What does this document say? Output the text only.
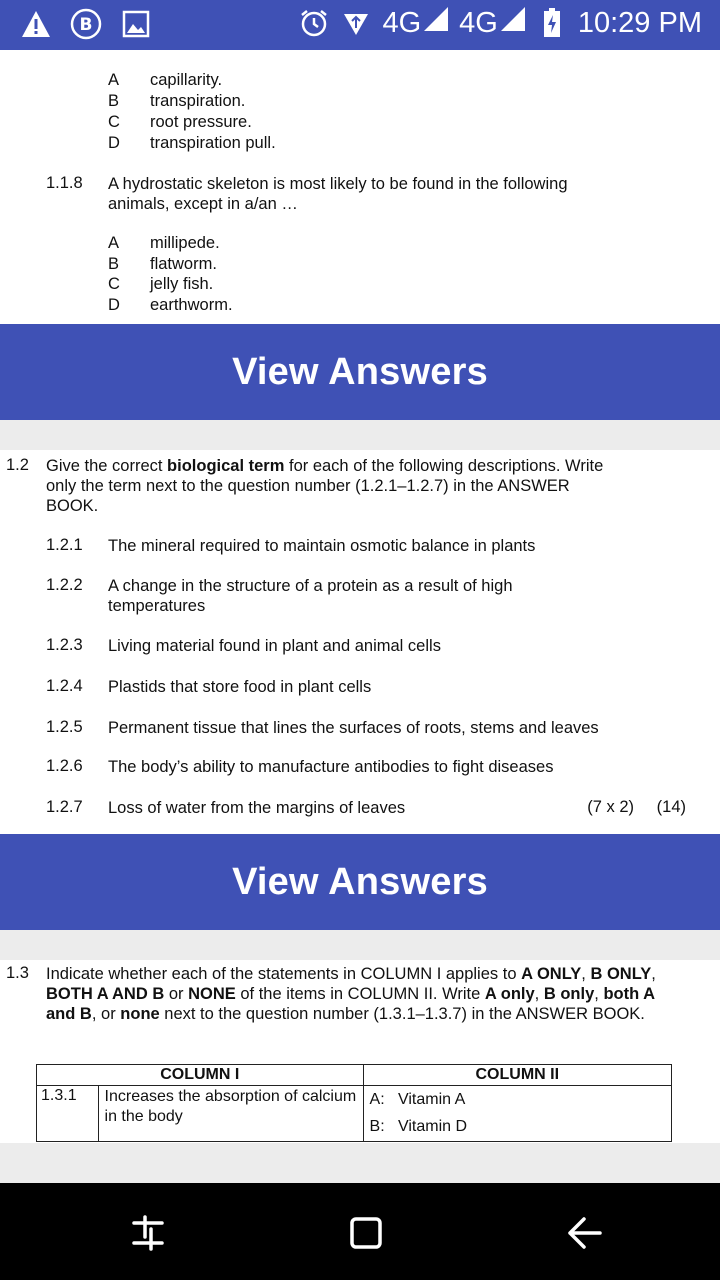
B	4G 4G	10:29 PM
A capillarity.
B transpiration.
C root pressure.
D transpiration pull.
1.1.8 A hydrostatic skeleton is most likely to be found in the following animals, except in a/an …
A millipede.
B flatworm.
C jelly fish.
D earthworm.
View Answers
1.2 Give the correct biological term for each of the following descriptions. Write only the term next to the question number (1.2.1–1.2.7) in the ANSWER BOOK.
1.2.1 The mineral required to maintain osmotic balance in plants
1.2.2 A change in the structure of a protein as a result of high temperatures
1.2.3 Living material found in plant and animal cells
1.2.4 Plastids that store food in plant cells
1.2.5 Permanent tissue that lines the surfaces of roots, stems and leaves
1.2.6 The body’s ability to manufacture antibodies to fight diseases
1.2.7 Loss of water from the margins of leaves	(7 x 2) (14)
View Answers
1.3 Indicate whether each of the statements in COLUMN I applies to A ONLY, B ONLY, BOTH A AND B or NONE of the items in COLUMN II. Write A only, B only, both A and B, or none next to the question number (1.3.1–1.3.7) in the ANSWER BOOK.
COLUMN I		COLUMN II
1.3.1	Increases the absorption of calcium in the body	A: Vitamin A
B: Vitamin D
